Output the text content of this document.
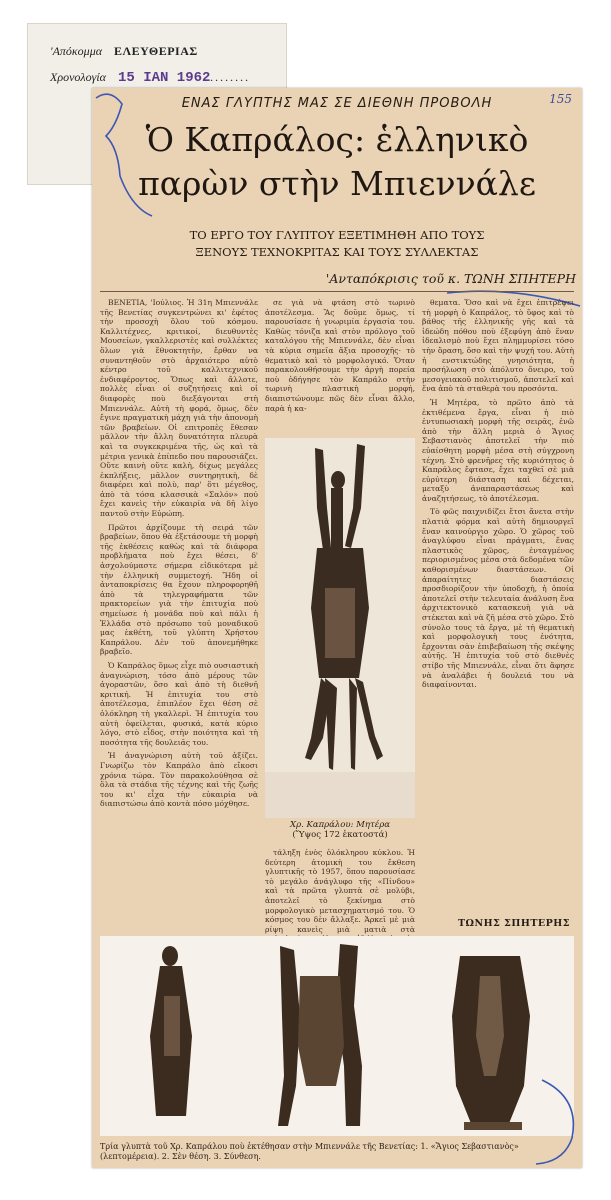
'Απόκομμα ΕΛΕΥΘΕΡΙΑΣ
Χρονολογία 15 ΙΑΝ 1962........
155
ΕΝΑΣ ΓΛΥΠΤΗΣ ΜΑΣ ΣΕ ΔΙΕΘΝΗ ΠΡΟΒΟΛΗ
Ὁ Καπράλος: ἑλληνικὸ
παρὼν στὴν Μπιεννάλε
ΤΟ ΕΡΓΟ ΤΟΥ ΓΛΥΠΤΟΥ ΕΞΕΤΙΜΗΘΗ ΑΠΟ ΤΟΥΣ
ΞΕΝΟΥΣ ΤΕΧΝΟΚΡΙΤΑΣ ΚΑΙ ΤΟΥΣ ΣΥΛΛΕΚΤΑΣ
'Ανταπόκρισις τοῦ κ. ΤΩΝΗ ΣΠΗΤΕΡΗ

ΒΕΝΕΤΙΑ, 'Ιούλιος. Ἡ 31η Μπιεννάλε τῆς Βενετίας συγκεντρώνει κι' ἐφέτος τὴν προσοχὴ ὅλου τοῦ κόσμου. Καλλιτέχνες, κριτικοί, διευθυντὲς Μουσείων, γκαλλεριστὲς καὶ συλλέκτες ὅλων γιὰ ἔθνοκτητὴν, ἔρθαν να συναντηθοῦν στὸ ἀρχαιότερο αὐτὸ κέντρο τοῦ καλλιτεχνικοῦ ἐνδιαφέροντος. Ὅπως καὶ ἄλλοτε, πολλὲς εἶναι οἱ συζητήσεις καὶ οἱ διαφορὲς ποὺ διεξάγονται στὴ Μπιεννάλε. Αὐτὴ τὴ φορά, ὅμως, δὲν ἔγινε πραγματικὴ μάχη γιὰ τὴν ἀπονομὴ τῶν βραβείων. Οἱ επιτροπὲς ἔθεσαν μᾶλλον τὴν ἄλλη δυνατότητα πλευρὰ καὶ τα συγκεκριμένα τῆς, ὡς καὶ τὰ μέτρια γενικὰ ἐπίπεδο που παρουσιάζει. Οὔτε καινὴ οὔτε καλὴ, δίχως μεγάλες ἐκπλήξεις, μᾶλλον συντηρητικὴ, δὲ διαφέρει καὶ πολὺ, παρ' ὅτι μέγεθος, ἀπὸ τὰ τόσα κλασσικὰ «Σαλόν» πού ἔχει κανεὶς τὴν εὐκαιρία νὰ δῆ λίγο παντοῦ στὴν Εὐρώπη.

Πρῶτοι ἀρχίζουμε τὴ σειρά τῶν βραβείων, ὅπου θὰ ἐξετάσουμε τὴ μορφὴ τῆς ἐκθέσεις καθὼς καὶ τὰ διάφορα προβλήματα ποὺ ἔχει θέσει, δ' ἀσχολούμαστε σήμερα εἰδικότερα μὲ τὴν ἑλληνικὴ συμμετοχή. Ἤδη οἱ ἀνταποκρίσεις θα ἔχουν πληροφορηθῆ ἀπὸ τὰ τηλεγραφήματα τῶν πρακτορείων γιὰ τὴν ἐπιτυχία ποὺ σημείωσε ἡ μονάδα ποὺ καὶ πάλι ἡ Ἑλλάδα στὸ πρόσωπο τοῦ μοναδικοῦ μας ἐκθέτη, τοῦ γλύπτη Χρήστου Καπράλου. Δὲν τοῦ ἀπονεμήθηκε βραβεῖο.

Ὁ Καπράλος ὅμως εἶχε πιὸ ουσιαστικὴ ἀναγνώριση, τόσο ἀπὸ μέρους τῶν ἀγοραστῶν, ὅσο καὶ ἀπὸ τὴ διεθνῆ κριτική. Ἡ ἐπιτυχία του στὸ ἀποτέλεσμα, ἐπιπλέον ἔχει θέση σὲ ὁλόκληρη τὴ γκαλλερὶ. Ἡ ἐπιτυχία του αὐτὴ ὀφείλεται, φυσικά, κατὰ κύριο λόγο, στὸ εἶδος, στὴν ποιότητα καὶ τὴ ποσότητα τῆς δουλειᾶς του.

Ἡ ἀναγνώριση αὐτὴ τοῦ ἀξίζει. Γνωρίζω τὸν Καπράλο ἀπὸ εἴκοσι χρόνια τώρα. Τὸν παρακολούθησα σὲ ὅλα τὰ στάδια τῆς τέχνης καὶ τῆς ζωῆς του κι' εἶχα τὴν εὐκαιρία νὰ διαπιστώσω ἀπὸ κοντὰ πόσο μόχθησε.

σε γιὰ νὰ φτάση στὸ τωρινὸ ἀποτέλεσμα. Ἂς δοῦμε ὅμως, τί παρουσίασε ἡ γνωριμία ἐργασία του. Καθὼς τόνιζα καὶ στὸν πρόλογο τοῦ καταλόγου τῆς Μπιεννάλε, δὲν εἶναι τὰ κύρια σημεῖα ἄξια προσοχῆς· τὸ θεματικὸ καὶ τὸ μορφολογικό. Ὅταν παρακολουθήσουμε τὴν ἀργὴ πορεία ποὺ ὁδήγησε τὸν Καπράλο στὴν τωρινὴ πλαστικὴ μορφή, διαπιστώνουμε πῶς δὲν εἶναι ἄλλο, παρὰ ἡ κα-

Χρ. Καπράλου: Μητέρα
(Ὕψος 172 ἑκατοστά)

τάληξη ἑνὸς ὁλόκληρου κύκλου. Ἡ δεύτερη ἀτομικὴ του ἔκθεση γλυπτικῆς τὸ 1957, ὅπου παρουσίασε τὸ μεγάλο ἀνάγλυφο τῆς «Πίνδου» καὶ τὰ πρῶτα γλυπτὰ σὲ μολύβι, ἀποτελεῖ τὸ ξεκίνημα στὸ μορφολογικὸ μετασχηματισμό του. Ὁ κόσμος του δὲν ἄλλαξε. Ἀρκεῖ μὲ μιὰ ρίψη κανεὶς μιὰ ματιὰ στὰ

θεματα. Ὅσο καὶ νὰ ἔχει ἐπιτρέψει τὴ μορφὴ ὁ Καπράλος, τὸ ὕφος καὶ τὸ βάθος τῆς ἑλληνικῆς γῆς καὶ τὰ ἰδεώδη πόθου ποὺ ἐξεφύγη ἀπὸ ἕναν ἰδεαλισμὸ ποὺ ἔχει πλημμυρίσει τόσο τὴν ὅραση, ὅσο καὶ τὴν ψυχή του. Αὐτὴ ἡ ενστικτώδης γνησιότητα, ἡ προσήλωση στὸ ἀπόλυτο ὄνειρο, τοῦ μεσογειακοῦ πολιτισμοῦ, ἀποτελεῖ καὶ ἕνα ἀπὸ τὰ σταθερὰ του προσόντα.

Ἡ Μητέρα, τὸ πρῶτο ἀπὸ τὰ ἐκτιθέμενα ἔργα, εἶναι ἡ πιὸ ἐντυπωσιακὴ μορφὴ τῆς σειρᾶς, ἐνῶ ἀπὸ τὴν ἄλλη μεριὰ ὁ Ἄγιος Σεβαστιανὸς ἀποτελεῖ τὴν πιὸ εὐαίσθητη μορφὴ μέσα στὴ σύγχρονη τέχνη. Στὸ φρενῆρες τῆς κυριότητος ὁ Καπράλος ἔφτασε, ἔχει ταχθεῖ σὲ μιὰ εὐρύτερη διάσταση καὶ δέχεται, μεταξὺ ἀναπαραστάσεως καὶ ἀναζητήσεως, τὸ ἀποτέλεσμα.

Τὸ φῶς παιχνιδίζει ἔτσι ἄνετα στὴν πλατιὰ φόρμα καὶ αὐτὴ δημιουργεῖ ἕναν καινούργιο χῶρο. Ὁ χῶρος τοῦ ἀναγλύφου εἶναι πράγματι, ἕνας πλαστικὸς χῶρος, ἐνταγμένος περιορισμένος μέσα στὰ δεδομένα τῶν καθορισμένων διαστάσεων. Οἱ ἀπαραίτητες διαστάσεις προσδιορίζουν τὴν ὑποδοχὴ, ἡ ὁποία ἀποτελεῖ στὴν τελευταία ἀνάλυση ἕνα ἀρχιτεκτονικὸ κατασκευὴ γιὰ νὰ στέκεται καὶ νὰ ζῆ μέσα στὸ χῶρο. Στὸ σύνολο τους τὰ ἔργα, μὲ τὴ θεματικὴ καὶ μορφολογικὴ τους ἑνότητα, ἔρχονται σὰν ἐπιβεβαίωση τῆς σκέψης αὐτῆς. Ἡ ἐπιτυχία τοῦ στὸ διεθνὲς στίβο τῆς Μπιεννάλε, εἶναι ὅτι ἄφησε νὰ ἀναλάβει ἡ δουλειά του νὰ διαφαίνονται.

ΤΩΝΗΣ ΣΠΗΤΕΡΗΣ
Τρία γλυπτὰ τοῦ Χρ. Καπράλου ποὺ ἐκτέθησαν στὴν Μπιεννάλε τῆς Βενετίας: 1. «Ἅγιος Σεβαστιανὸς» (λεπτομέρεια). 2. Σὲν θέση. 3. Σύνθεση.
